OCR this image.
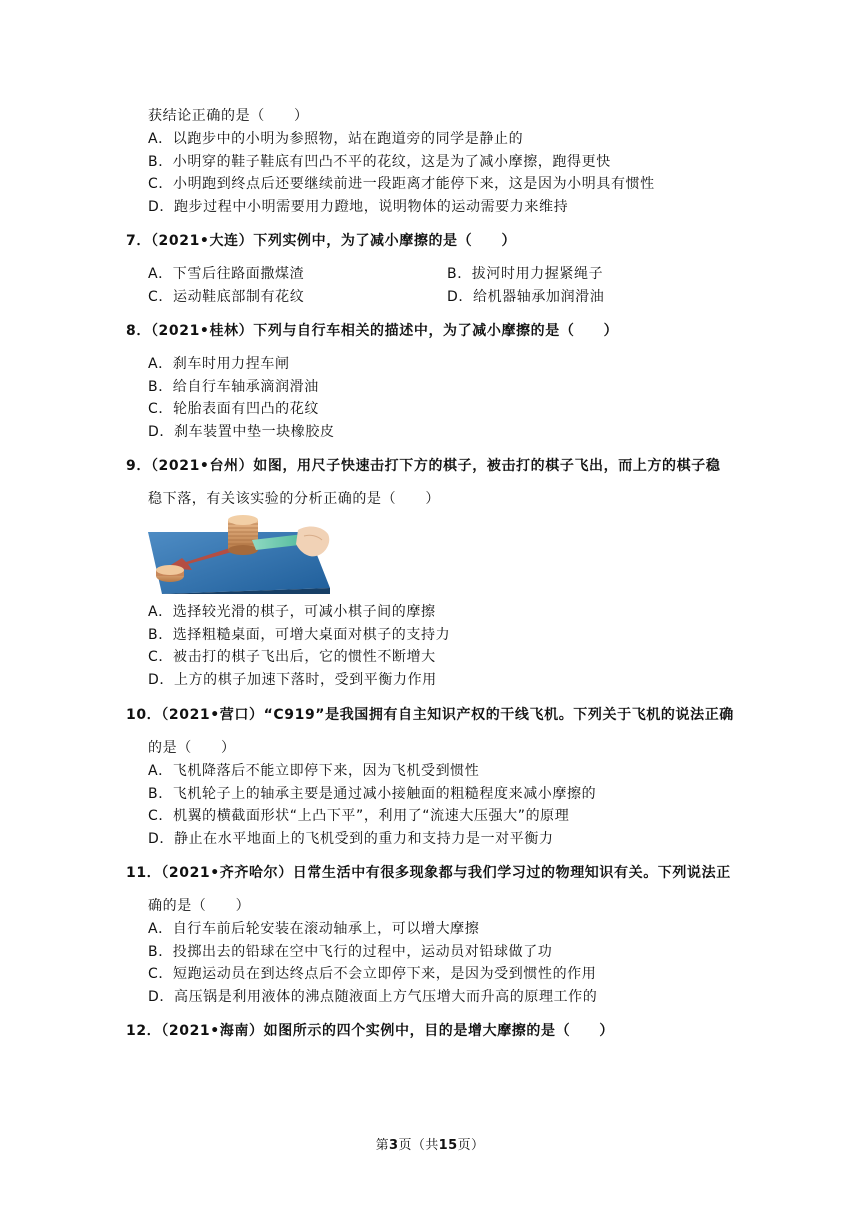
获结论正确的是（　　）
A．以跑步中的小明为参照物，站在跑道旁的同学是静止的
B．小明穿的鞋子鞋底有凹凸不平的花纹，这是为了减小摩擦，跑得更快
C．小明跑到终点后还要继续前进一段距离才能停下来，这是因为小明具有惯性
D．跑步过程中小明需要用力蹬地，说明物体的运动需要力来维持
7．（2021•大连）下列实例中，为了减小摩擦的是（　　）
A．下雪后往路面撒煤渣	B．拔河时用力握紧绳子
C．运动鞋底部制有花纹	D．给机器轴承加润滑油
8．（2021•桂林）下列与自行车相关的描述中，为了减小摩擦的是（　　）
A．刹车时用力捏车闸
B．给自行车轴承滴润滑油
C．轮胎表面有凹凸的花纹
D．刹车装置中垫一块橡胶皮
9．（2021•台州）如图，用尺子快速击打下方的棋子，被击打的棋子飞出，而上方的棋子稳
稳下落，有关该实验的分析正确的是（　　）
A．选择较光滑的棋子，可减小棋子间的摩擦
B．选择粗糙桌面，可增大桌面对棋子的支持力
C．被击打的棋子飞出后，它的惯性不断增大
D．上方的棋子加速下落时，受到平衡力作用
10．（2021•营口）“C919”是我国拥有自主知识产权的干线飞机。下列关于飞机的说法正确
的是（　　）
A．飞机降落后不能立即停下来，因为飞机受到惯性
B．飞机轮子上的轴承主要是通过减小接触面的粗糙程度来减小摩擦的
C．机翼的横截面形状“上凸下平”，利用了“流速大压强大”的原理
D．静止在水平地面上的飞机受到的重力和支持力是一对平衡力
11．（2021•齐齐哈尔）日常生活中有很多现象都与我们学习过的物理知识有关。下列说法正
确的是（　　）
A．自行车前后轮安装在滚动轴承上，可以增大摩擦
B．投掷出去的铅球在空中飞行的过程中，运动员对铅球做了功
C．短跑运动员在到达终点后不会立即停下来，是因为受到惯性的作用
D．高压锅是利用液体的沸点随液面上方气压增大而升高的原理工作的
12．（2021•海南）如图所示的四个实例中，目的是增大摩擦的是（　　）
第3页（共15页）
